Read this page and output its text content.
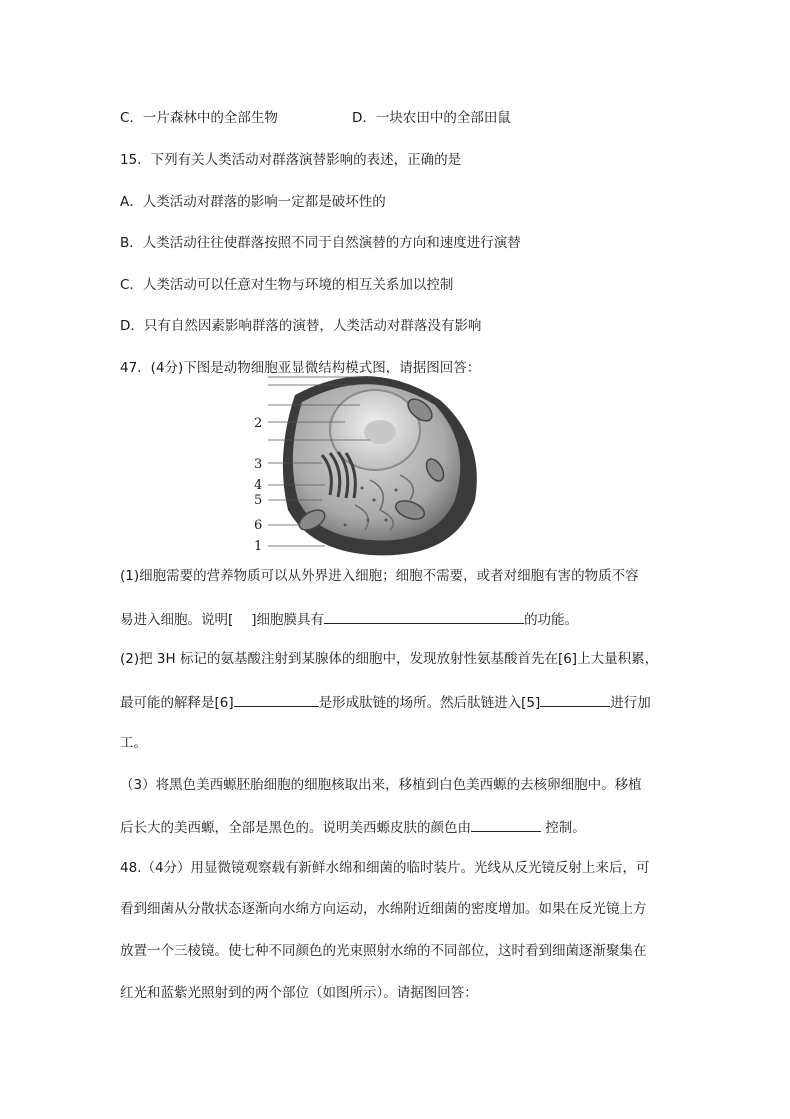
C．一片森林中的全部生物	D．一块农田中的全部田鼠
15．下列有关人类活动对群落演替影响的表述，正确的是
A．人类活动对群落的影响一定都是破坏性的
B．人类活动往往使群落按照不同于自然演替的方向和速度进行演替
C．人类活动可以任意对生物与环境的相互关系加以控制
D．只有自然因素影响群落的演替，人类活动对群落没有影响
47．(4分)下图是动物细胞亚显微结构模式图，请据图回答：
2
3
4
5
6
1
(1)细胞需要的营养物质可以从外界进入细胞；细胞不需要，或者对细胞有害的物质不容
易进入细胞。说明[ ]细胞膜具有	的功能。
(2)把 3H 标记的氨基酸注射到某腺体的细胞中，发现放射性氨基酸首先在[6]上大量积累，
最可能的解释是[6]	是形成肽链的场所。然后肽链进入[5]	进行加
工。
（3）将黑色美西螈胚胎细胞的细胞核取出来，移植到白色美西螈的去核卵细胞中。移植
后长大的美西螈，全部是黑色的。说明美西螈皮肤的颜色由	控制。
48.（4分）用显微镜观察载有新鲜水绵和细菌的临时装片。光线从反光镜反射上来后，可
看到细菌从分散状态逐渐向水绵方向运动，水绵附近细菌的密度增加。如果在反光镜上方
放置一个三棱镜。使七种不同颜色的光束照射水绵的不同部位，这时看到细菌逐渐聚集在
红光和蓝紫光照射到的两个部位（如图所示）。请据图回答：
